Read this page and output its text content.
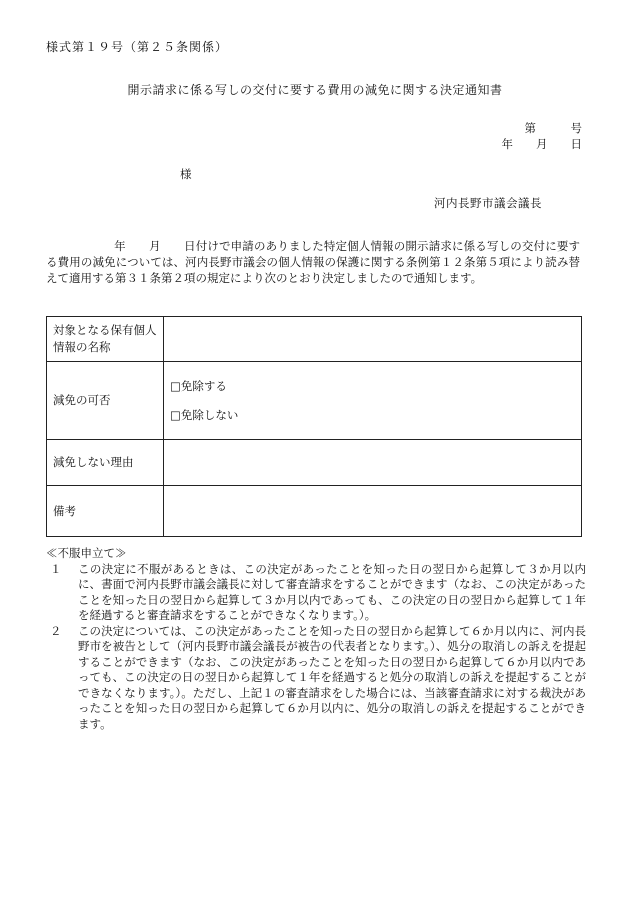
様式第１９号（第２５条関係）
開示請求に係る写しの交付に要する費用の減免に関する決定通知書
第　　　号
年　　月　　日
様
河内長野市議会議長
年　　月　　日付けで申請のありました特定個人情報の開示請求に係る写しの交付に要する費用の減免については、河内長野市議会の個人情報の保護に関する条例第１２条第５項により読み替えて適用する第３１条第２項の規定により次のとおり決定しましたので通知します。
対象となる保有個人情報の名称	
減免の可否	□免除する
□免除しない

減免しない理由	
備考	
≪不服申立て≫
１	この決定に不服があるときは、この決定があったことを知った日の翌日から起算して３か月以内に、書面で河内長野市議会議長に対して審査請求をすることができます（なお、この決定があったことを知った日の翌日から起算して３か月以内であっても、この決定の日の翌日から起算して１年を経過すると審査請求をすることができなくなります。）。
２	この決定については、この決定があったことを知った日の翌日から起算して６か月以内に、河内長野市を被告として（河内長野市議会議長が被告の代表者となります。）、処分の取消しの訴えを提起することができます（なお、この決定があったことを知った日の翌日から起算して６か月以内であっても、この決定の日の翌日から起算して１年を経過すると処分の取消しの訴えを提起することができなくなります。）。ただし、上記１の審査請求をした場合には、当該審査請求に対する裁決があったことを知った日の翌日から起算して６か月以内に、処分の取消しの訴えを提起することができます。
